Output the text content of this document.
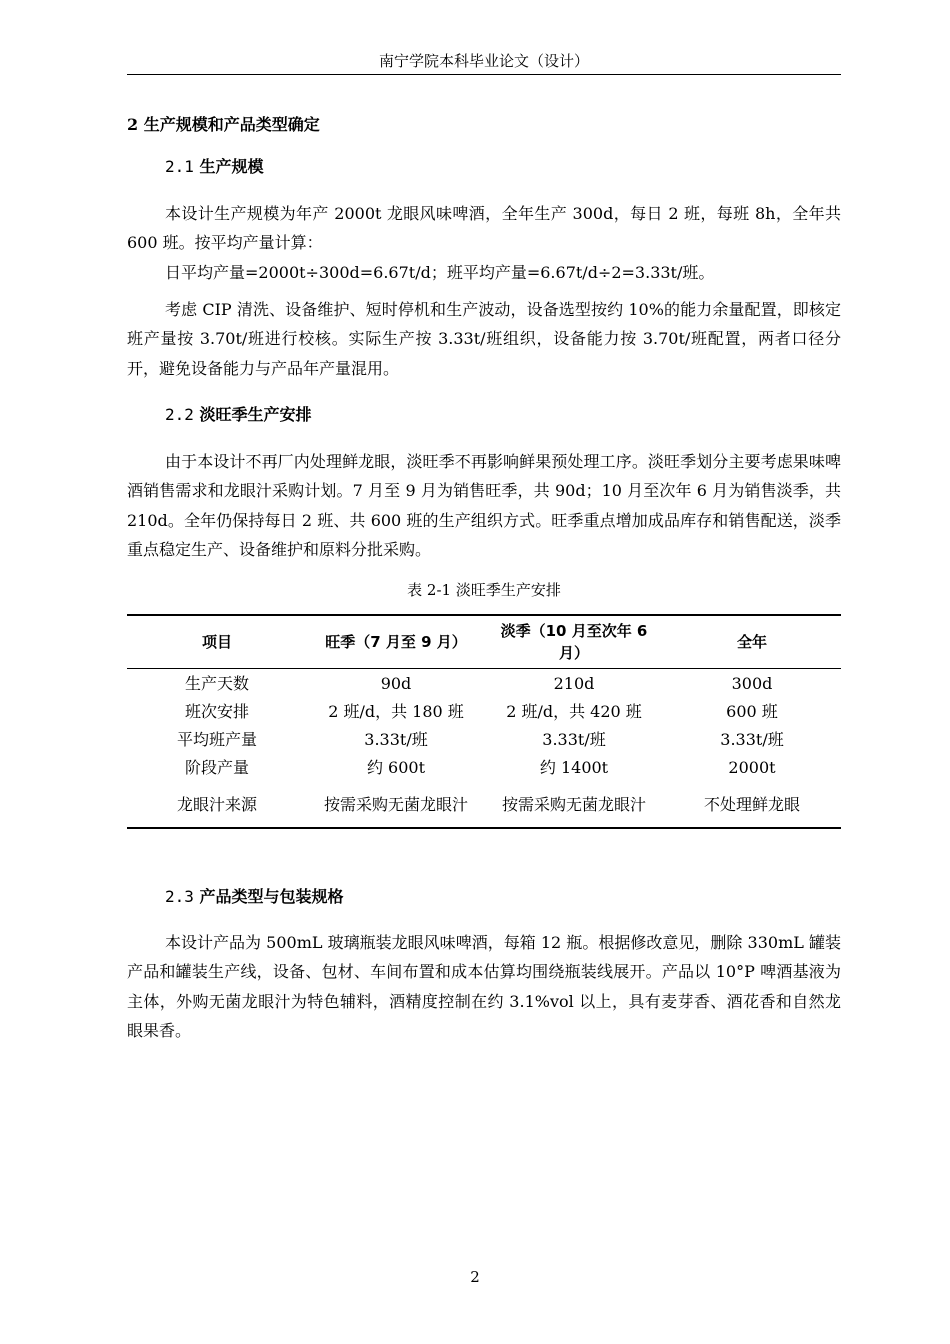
南宁学院本科毕业论文（设计）
2 生产规模和产品类型确定
2.1 生产规模
本设计生产规模为年产 2000t 龙眼风味啤酒，全年生产 300d，每日 2 班，每班 8h，全年共 600 班。按平均产量计算：
日平均产量=2000t÷300d=6.67t/d；班平均产量=6.67t/d÷2=3.33t/班。
考虑 CIP 清洗、设备维护、短时停机和生产波动，设备选型按约 10%的能力余量配置，即核定班产量按 3.70t/班进行校核。实际生产按 3.33t/班组织，设备能力按 3.70t/班配置，两者口径分开，避免设备能力与产品年产量混用。
2.2 淡旺季生产安排
由于本设计不再厂内处理鲜龙眼，淡旺季不再影响鲜果预处理工序。淡旺季划分主要考虑果味啤酒销售需求和龙眼汁采购计划。7 月至 9 月为销售旺季，共 90d；10 月至次年 6 月为销售淡季，共 210d。全年仍保持每日 2 班、共 600 班的生产组织方式。旺季重点增加成品库存和销售配送，淡季重点稳定生产、设备维护和原料分批采购。
表 2-1 淡旺季生产安排
项目	旺季（7 月至 9 月）	淡季（10 月至次年 6 月）	全年
生产天数	90d	210d	300d
班次安排	2 班/d，共 180 班	2 班/d，共 420 班	600 班
平均班产量	3.33t/班	3.33t/班	3.33t/班
阶段产量	约 600t	约 1400t	2000t
龙眼汁来源	按需采购无菌龙眼汁	按需采购无菌龙眼汁	不处理鲜龙眼
2.3 产品类型与包装规格
本设计产品为 500mL 玻璃瓶装龙眼风味啤酒，每箱 12 瓶。根据修改意见，删除 330mL 罐装产品和罐装生产线，设备、包材、车间布置和成本估算均围绕瓶装线展开。产品以 10°P 啤酒基液为主体，外购无菌龙眼汁为特色辅料，酒精度控制在约 3.1%vol 以上，具有麦芽香、酒花香和自然龙眼果香。
2
